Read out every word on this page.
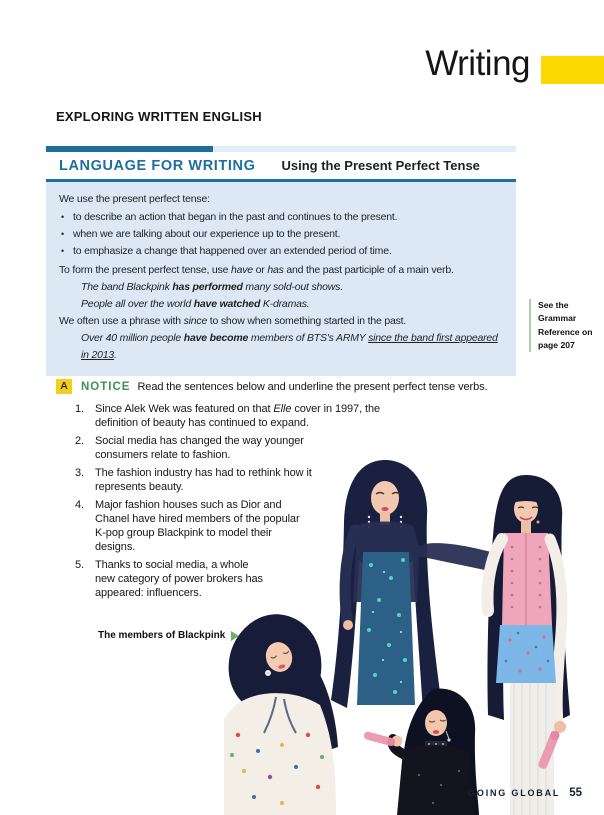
Writing
EXPLORING WRITTEN ENGLISH
LANGUAGE FOR WRITING Using the Present Perfect Tense

We use the present perfect tense:

• to describe an action that began in the past and continues to the present.
• when we are talking about our experience up to the present.
• to emphasize a change that happened over an extended period of time.

To form the present perfect tense, use have or has and the past participle of a main verb.

The band Blackpink has performed many sold-out shows.

People all over the world have watched K-dramas.

We often use a phrase with since to show when something started in the past.

Over 40 million people have become members of BTS's ARMY since the band first appeared in 2013.

See the
Grammar
Reference on
page 207
A	NOTICE Read the sentences below and underline the present perfect tense verbs.
1.	Since Alek Wek was featured on that Elle cover in 1997, the definition of beauty has continued to expand.
2.	Social media has changed the way younger consumers relate to fashion.
3.	The fashion industry has had to rethink how it represents beauty.
4.	Major fashion houses such as Dior and Chanel have hired members of the popular K-pop group Blackpink to model their designs.
5.	Thanks to social media, a whole new category of power brokers has appeared: influencers.
The members of Blackpink
GOING GLOBAL 55
